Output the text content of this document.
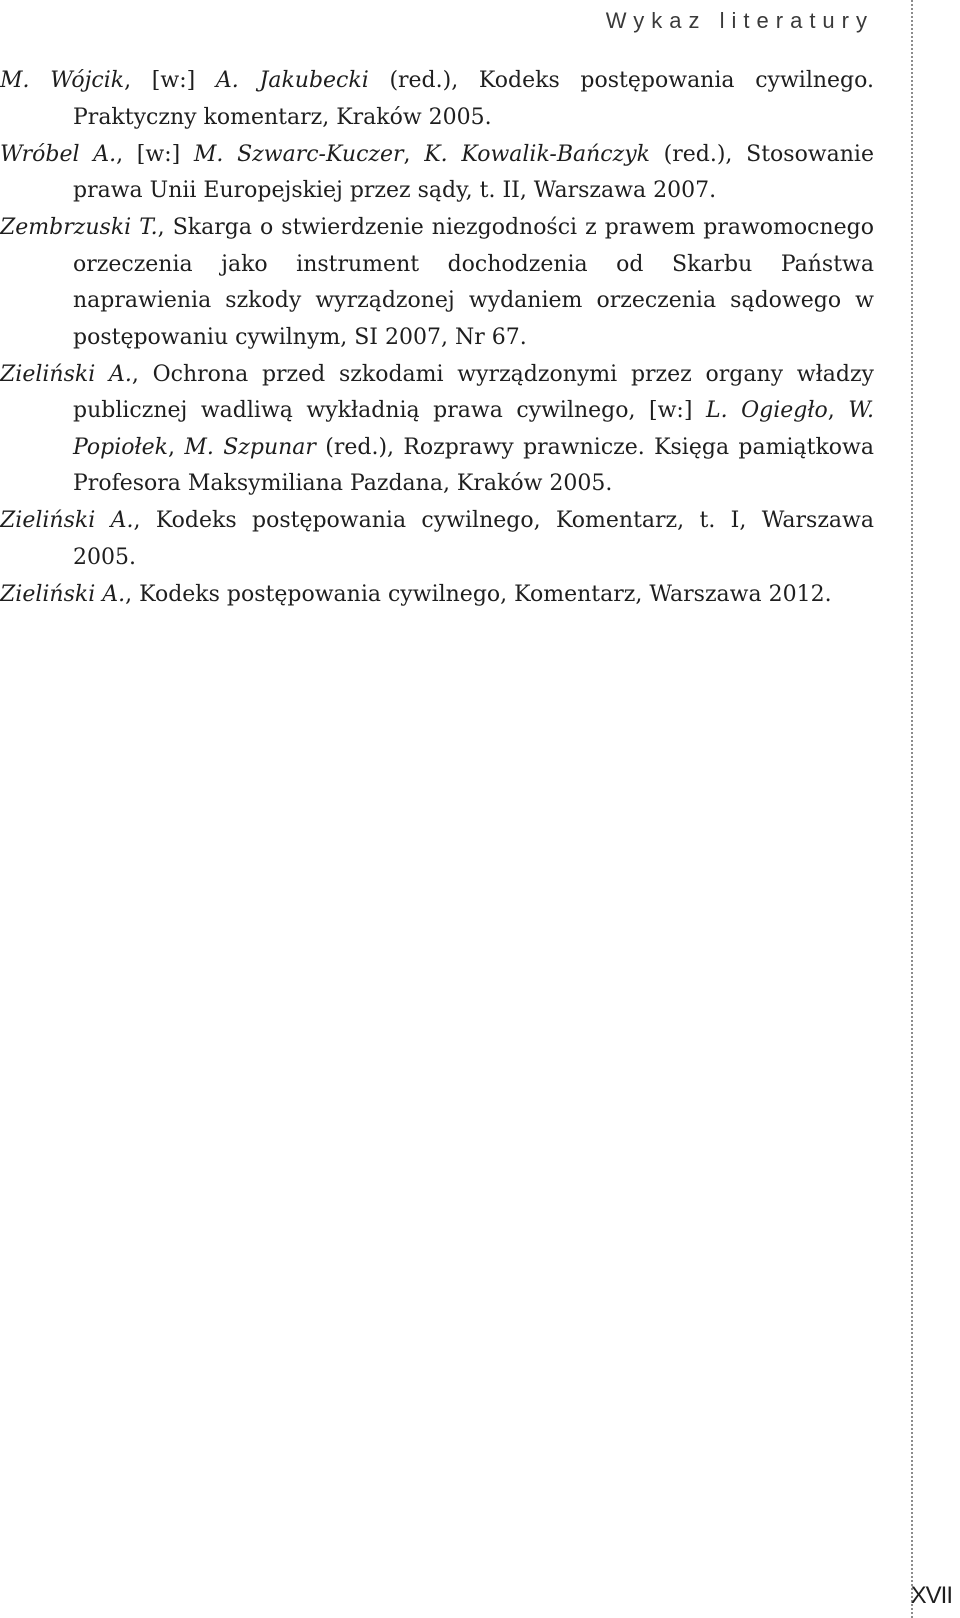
Wykaz literatury

M. Wójcik, [w:] A. Jakubecki (red.), Kodeks postępowania cywilnego. Praktyczny komentarz, Kraków 2005.

Wróbel A., [w:] M. Szwarc-Kuczer, K. Kowalik-Bańczyk (red.), Stosowanie prawa Unii Europejskiej przez sądy, t. II, Warszawa 2007.

Zembrzuski T., Skarga o stwierdzenie niezgodności z prawem prawomocnego orzeczenia jako instrument dochodzenia od Skarbu Państwa naprawienia szkody wyrządzonej wydaniem orzeczenia sądowego w postępowaniu cywilnym, SI 2007, Nr 67.

Zieliński A., Ochrona przed szkodami wyrządzonymi przez organy władzy publicznej wadliwą wykładnią prawa cywilnego, [w:] L. Ogiegło, W. Popiołek, M. Szpunar (red.), Rozprawy prawnicze. Księga pamiątkowa Profesora Maksymiliana Pazdana, Kraków 2005.

Zieliński A., Kodeks postępowania cywilnego, Komentarz, t. I, Warszawa 2005.

Zieliński A., Kodeks postępowania cywilnego, Komentarz, Warszawa 2012.

XVII
